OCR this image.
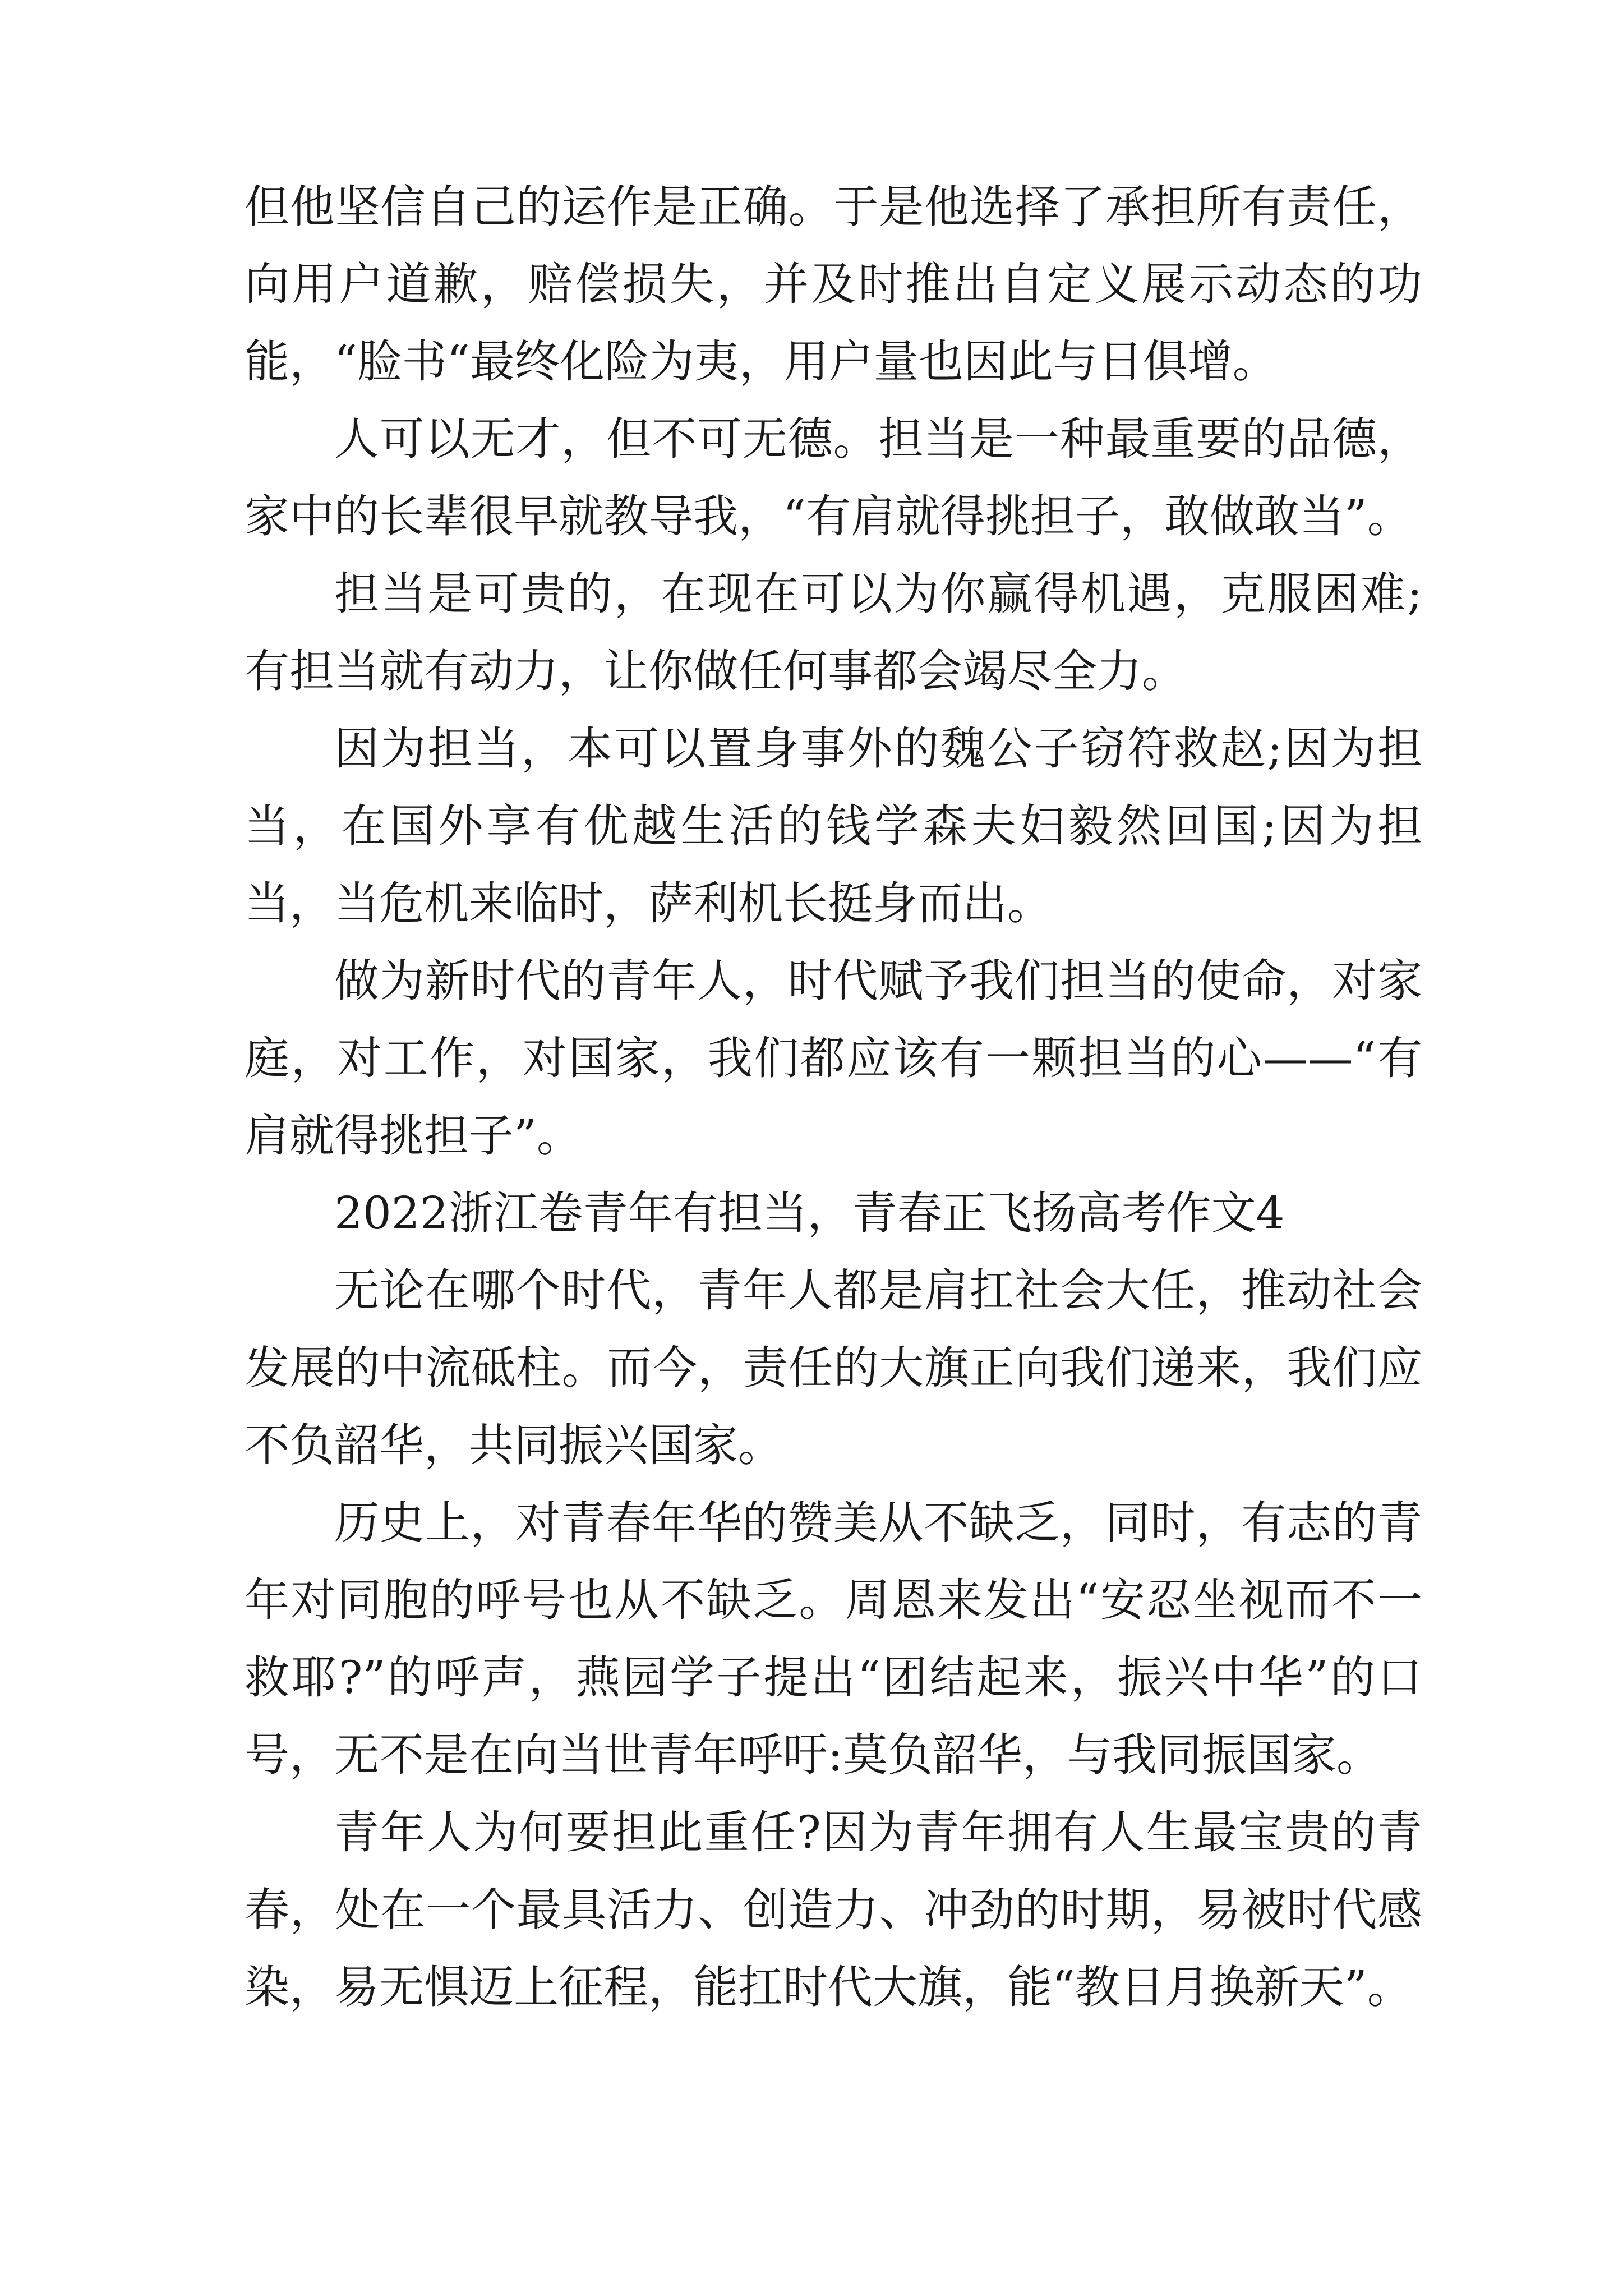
但他坚信自己的运作是正确。于是他选择了承担所有责任，向用户道歉，赔偿损失，并及时推出自定义展示动态的功能，“脸书“最终化险为夷，用户量也因此与日俱增。

人可以无才，但不可无德。担当是一种最重要的品德，家中的长辈很早就教导我，“有肩就得挑担子，敢做敢当”。

担当是可贵的，在现在可以为你赢得机遇，克服困难;有担当就有动力，让你做任何事都会竭尽全力。

因为担当，本可以置身事外的魏公子窃符救赵;因为担当，在国外享有优越生活的钱学森夫妇毅然回国;因为担当，当危机来临时，萨利机长挺身而出。

做为新时代的青年人，时代赋予我们担当的使命，对家庭，对工作，对国家，我们都应该有一颗担当的心——“有肩就得挑担子”。

2022浙江卷青年有担当，青春正飞扬高考作文4

无论在哪个时代，青年人都是肩扛社会大任，推动社会发展的中流砥柱。而今，责任的大旗正向我们递来，我们应不负韶华，共同振兴国家。

历史上，对青春年华的赞美从不缺乏，同时，有志的青年对同胞的呼号也从不缺乏。周恩来发出“安忍坐视而不一救耶?”的呼声，燕园学子提出“团结起来，振兴中华”的口号，无不是在向当世青年呼吁:莫负韶华，与我同振国家。

青年人为何要担此重任?因为青年拥有人生最宝贵的青春，处在一个最具活力、创造力、冲劲的时期，易被时代感染，易无惧迈上征程，能扛时代大旗，能“教日月换新天”。
